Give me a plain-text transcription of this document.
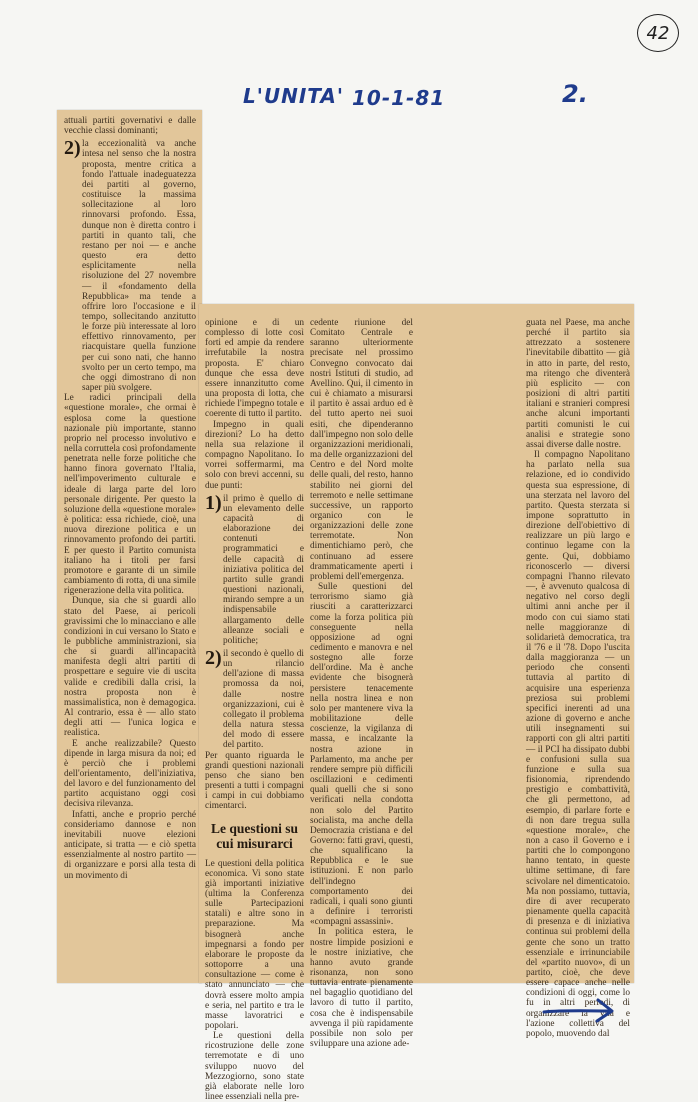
42
L'UNITA' 10-1-81	2.

attuali partiti governativi e dalle vecchie classi dominanti;

2) la eccezionalità va anche intesa nel senso che la nostra proposta, mentre critica a fondo l'attuale inadeguatezza dei partiti al governo, costituisce la massima sollecitazione al loro rinnovarsi profondo. Essa, dunque non è diretta contro i partiti in quanto tali, che restano per noi — e anche questo era detto esplicitamente nella risoluzione del 27 novembre — il «fondamento della Repubblica» ma tende a offrire loro l'occasione e il tempo, sollecitando anzitutto le forze più interessate al loro effettivo rinnovamento, per riacquistare quella funzione per cui sono nati, che hanno svolto per un certo tempo, ma che oggi dimostrano di non saper più svolgere.

Le radici principali della «questione morale», che ormai è esplosa come la questione nazionale più importante, stanno proprio nel processo involutivo e nella corruttela così profondamente penetrata nelle forze politiche che hanno finora governato l'Italia, nell'impoverimento culturale e ideale di larga parte del loro personale dirigente. Per questo la soluzione della «questione morale» è politica: essa richiede, cioè, una nuova direzione politica e un rinnovamento profondo dei partiti. E per questo il Partito comunista italiano ha i titoli per farsi promotore e garante di un simile cambiamento di rotta, di una simile rigenerazione della vita politica.

Dunque, sia che si guardi allo stato del Paese, ai pericoli gravissimi che lo minacciano e alle condizioni in cui versano lo Stato e le pubbliche amministrazioni, sia che si guardi all'incapacità manifesta degli altri partiti di prospettare e seguire vie di uscita valide e credibili dalla crisi, la nostra proposta non è massimalistica, non è demagogica. Al contrario, essa è — allo stato degli atti — l'unica logica e realistica.

E anche realizzabile? Questo dipende in larga misura da noi; ed è perciò che i problemi dell'orientamento, dell'iniziativa, del lavoro e del funzionamento del partito acquistano oggi così decisiva rilevanza.

Infatti, anche e proprio perché consideriamo dannose e non inevitabili nuove elezioni anticipate, si tratta — e ciò spetta essenzialmente al nostro partito — di organizzare e porsi alla testa di un movimento di

opinione e di un complesso di lotte così forti ed ampie da rendere irrefutabile la nostra proposta. E' chiaro dunque che essa deve essere innanzitutto come una proposta di lotta, che richiede l'impegno totale e coerente di tutto il partito.

Impegno in quali direzioni? Lo ha detto nella sua relazione il compagno Napolitano. Io vorrei soffermarmi, ma solo con brevi accenni, su due punti:

1) il primo è quello di un elevamento delle capacità di elaborazione dei contenuti programmatici e delle capacità di iniziativa politica del partito sulle grandi questioni nazionali, mirando sempre a un indispensabile allargamento delle alleanze sociali e politiche;

2) il secondo è quello di un rilancio dell'azione di massa promossa da noi, dalle nostre organizzazioni, cui è collegato il problema della natura stessa del modo di essere del partito.

Per quanto riguarda le grandi questioni nazionali penso che siano ben presenti a tutti i compagni i campi in cui dobbiamo cimentarci.

Le questioni su cui misurarci

Le questioni della politica economica. Vi sono state già importanti iniziative (ultima la Conferenza sulle Partecipazioni statali) e altre sono in preparazione. Ma bisognerà anche impegnarsi a fondo per elaborare le proposte da sottoporre a una consultazione — come è stato annunciato — che dovrà essere molto ampia e seria, nel partito e tra le masse lavoratrici e popolari.

Le questioni della ricostruzione delle zone terremotate e di uno sviluppo nuovo del Mezzogiorno, sono state già elaborate nelle loro linee essenziali nella pre-

cedente riunione del Comitato Centrale e saranno ulteriormente precisate nel prossimo Convegno convocato dai nostri Istituti di studio, ad Avellino. Qui, il cimento in cui è chiamato a misurarsi il partito è assai arduo ed è del tutto aperto nei suoi esiti, che dipenderanno dall'impegno non solo delle organizzazioni meridionali, ma delle organizzazioni del Centro e del Nord molte delle quali, del resto, hanno stabilito nei giorni del terremoto e nelle settimane successive, un rapporto organico con le organizzazioni delle zone terremotate. Non dimentichiamo però, che continuano ad essere drammaticamente aperti i problemi dell'emergenza.

Sulle questioni del terrorismo siamo già riusciti a caratterizzarci come la forza politica più conseguente nella opposizione ad ogni cedimento e manovra e nel sostegno alle forze dell'ordine. Ma è anche evidente che bisognerà persistere tenacemente nella nostra linea e non solo per mantenere viva la mobilitazione delle coscienze, la vigilanza di massa, e incalzante la nostra azione in Parlamento, ma anche per rendere sempre più difficili oscillazioni e cedimenti quali quelli che si sono verificati nella condotta non solo del Partito socialista, ma anche della Democrazia cristiana e del Governo: fatti gravi, questi, che squalificano la Repubblica e le sue istituzioni. E non parlo dell'indegno comportamento dei radicali, i quali sono giunti a definire i terroristi «compagni assassini».

In politica estera, le nostre limpide posizioni e le nostre iniziative, che hanno avuto grande risonanza, non sono tuttavia entrate pienamente nel bagaglio quotidiano del lavoro di tutto il partito, cosa che è indispensabile avvenga il più rapidamente possibile non solo per sviluppare una azione ade-

guata nel Paese, ma anche perché il partito sia attrezzato a sostenere l'inevitabile dibattito — già in atto in parte, del resto, ma ritengo che diventerà più esplicito — con posizioni di altri partiti italiani e stranieri compresi anche alcuni importanti partiti comunisti le cui analisi e strategie sono assai diverse dalle nostre.

Il compagno Napolitano ha parlato nella sua relazione, ed io condivido questa sua espressione, di una sterzata nel lavoro del partito. Questa sterzata si impone soprattutto in direzione dell'obiettivo di realizzare un più largo e continuo legame con la gente. Qui, dobbiamo riconoscerlo — diversi compagni l'hanno rilevato —, è avvenuto qualcosa di negativo nel corso degli ultimi anni anche per il modo con cui siamo stati nelle maggioranze di solidarietà democratica, tra il '76 e il '78. Dopo l'uscita dalla maggioranza — un periodo che consentì tuttavia al partito di acquisire una esperienza preziosa sui problemi specifici inerenti ad una azione di governo e anche utili insegnamenti sui rapporti con gli altri partiti — il PCI ha dissipato dubbi e confusioni sulla sua funzione e sulla sua fisionomia, riprendendo prestigio e combattività, che gli permettono, ad esempio, di parlare forte e di non dare tregua sulla «questione morale», che non a caso il Governo e i partiti che lo compongono hanno tentato, in queste ultime settimane, di fare scivolare nel dimenticatoio. Ma non possiamo, tuttavia, dire di aver recuperato pienamente quella capacità di presenza e di iniziativa continua sui problemi della gente che sono un tratto essenziale e irrinunciabile del «partito nuovo», di un partito, cioè, che deve essere capace anche nelle condizioni di oggi, come lo fu in altri periodi, di organizzare la vita e l'azione collettiva del popolo, muovendo dal
